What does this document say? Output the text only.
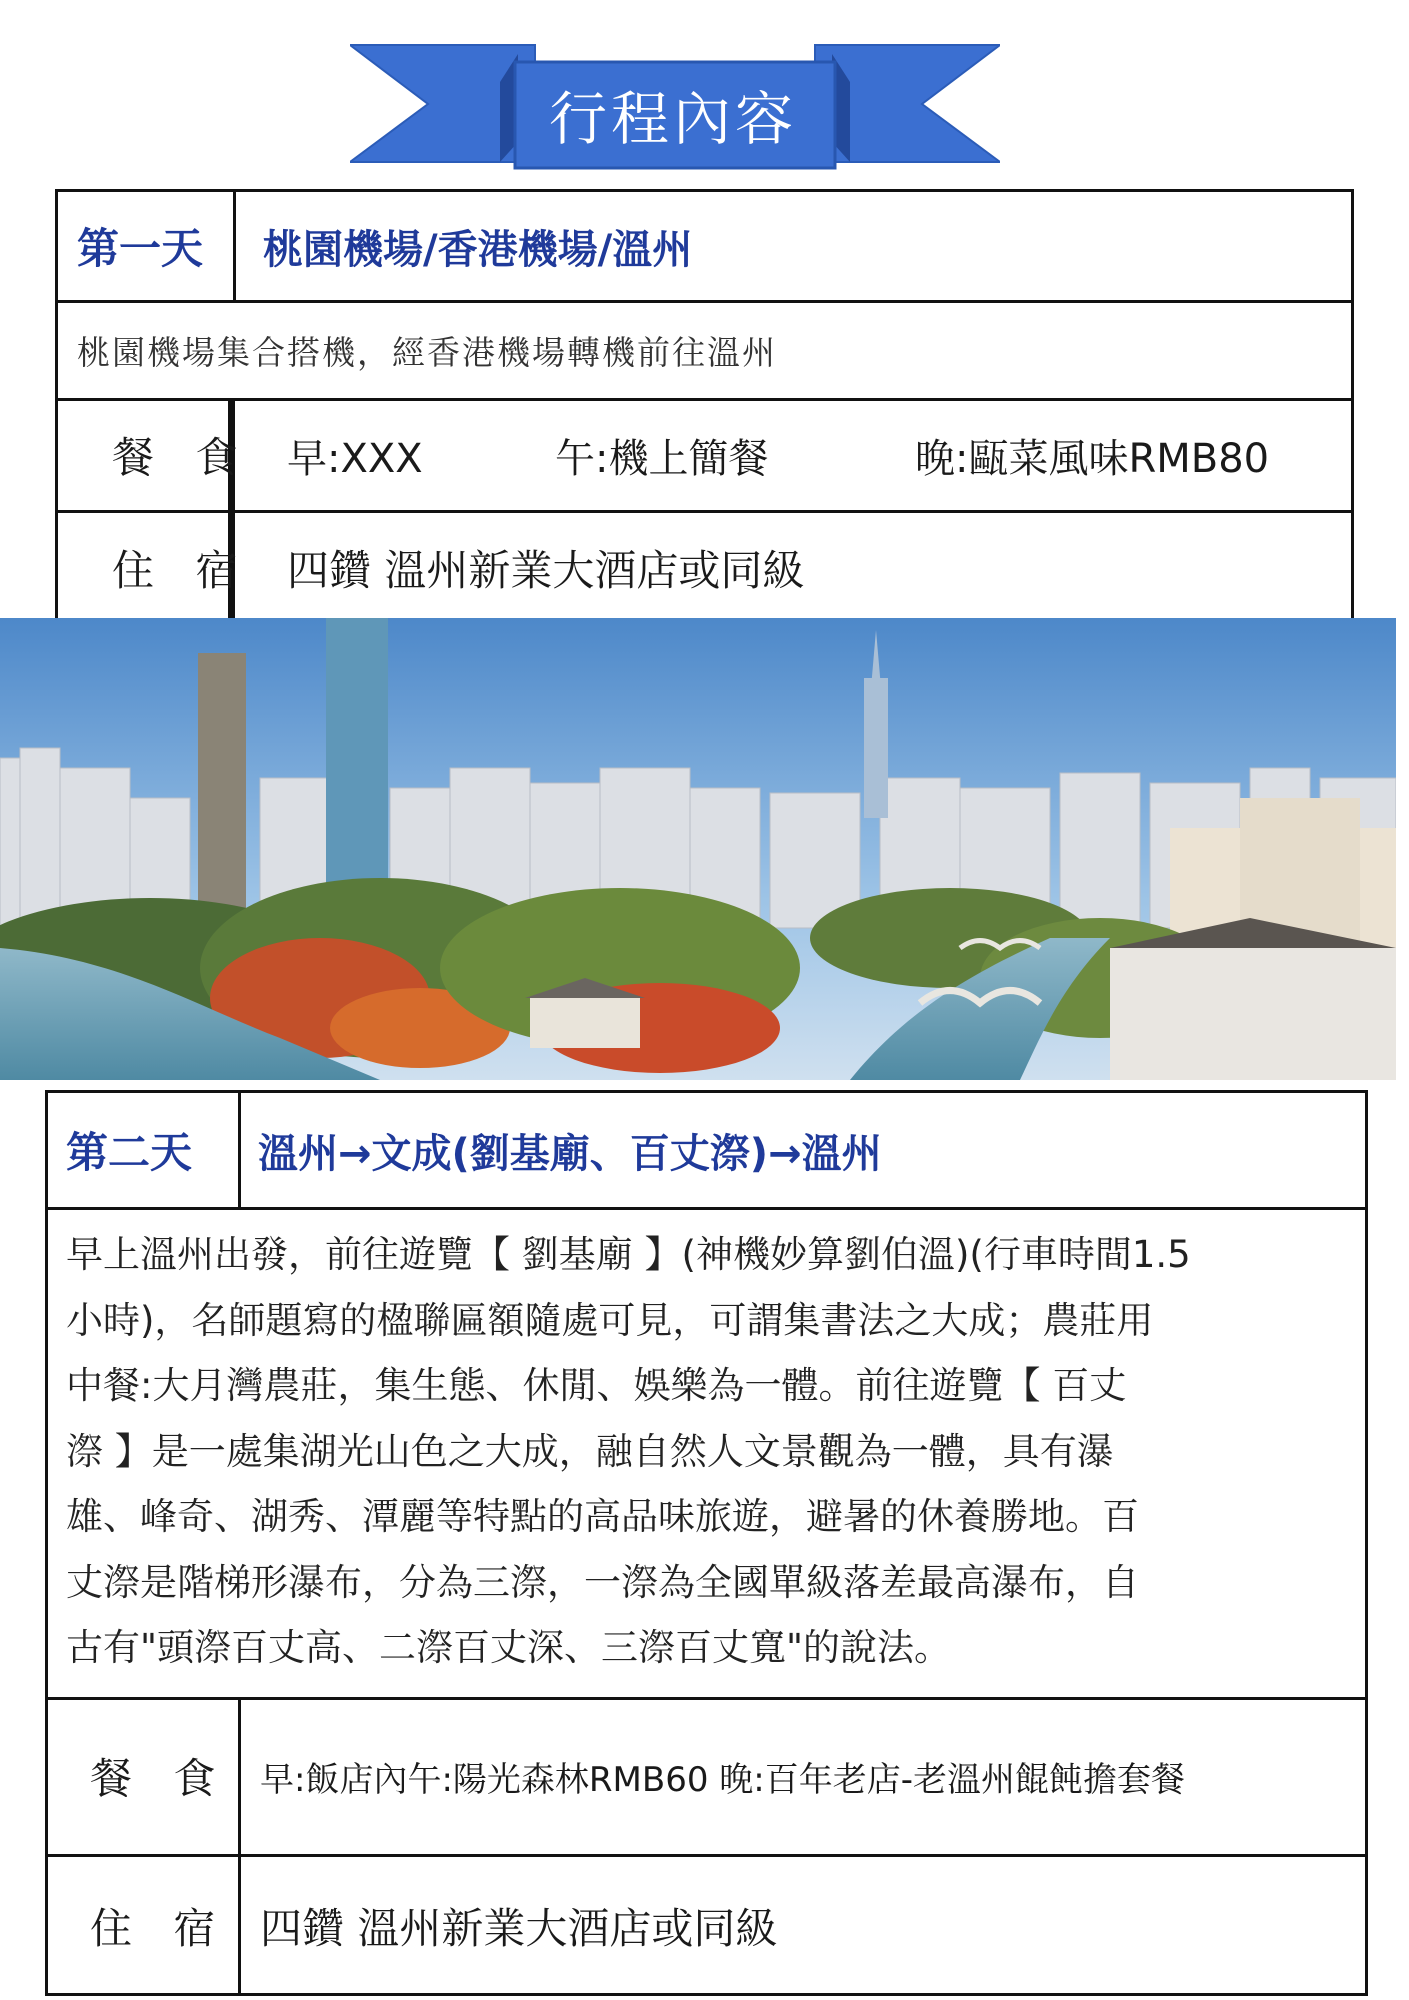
行程內容
第一天 桃園機場/香港機場/溫州
桃園機場集合搭機，經香港機場轉機前往溫州
餐 食 早:XXX	午:機上簡餐	晚:甌菜風味RMB80
住 宿 四鑽 溫州新業大酒店或同級
第二天 溫州→文成(劉基廟、百丈漈)→溫州
早上溫州出發，前往遊覽【 劉基廟 】(神機妙算劉伯溫)(行車時間1.5
小時)，名師題寫的楹聯匾額隨處可見，可謂集書法之大成；農莊用
中餐:大月灣農莊，集生態、休閒、娛樂為一體。前往遊覽【 百丈
漈 】是一處集湖光山色之大成，融自然人文景觀為一體，具有瀑
雄、峰奇、湖秀、潭麗等特點的高品味旅遊，避暑的休養勝地。百
丈漈是階梯形瀑布，分為三漈，一漈為全國單級落差最高瀑布，自
古有"頭漈百丈高、二漈百丈深、三漈百丈寬"的說法。
餐 食 早:飯店內午:陽光森林RMB60 晚:百年老店-老溫州餛飩擔套餐
住 宿 四鑽 溫州新業大酒店或同級
